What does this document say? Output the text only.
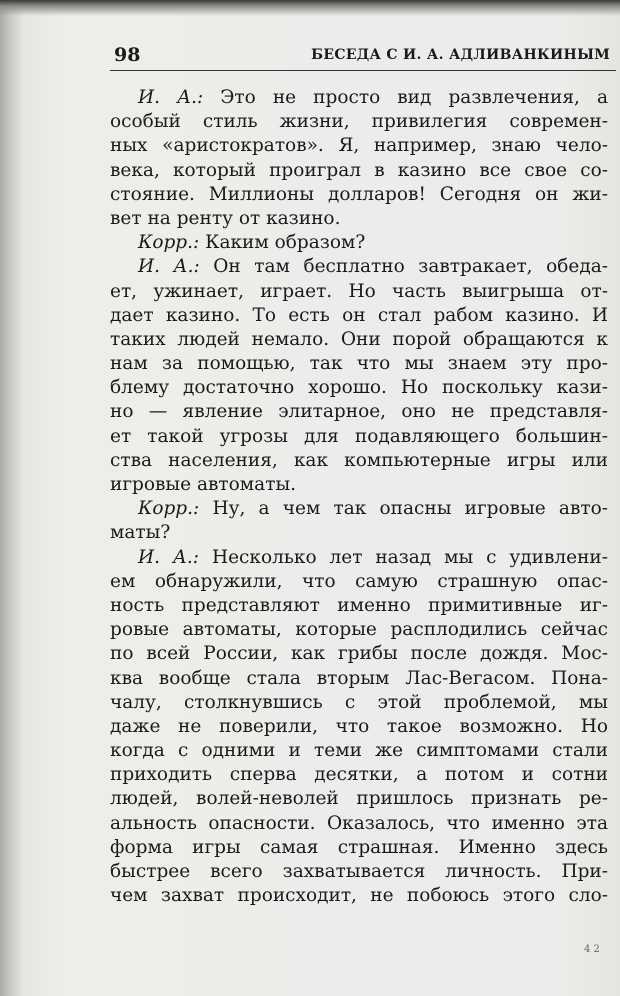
98	БЕСЕДА С И. А. АДЛИВАНКИНЫМ
И. А.: Это не просто вид развлечения, а
особый стиль жизни, привилегия современ-
ных «аристократов». Я, например, знаю чело-
века, который проиграл в казино все свое со-
стояние. Миллионы долларов! Сегодня он жи-
вет на ренту от казино.
Корр.: Каким образом?
И. А.: Он там бесплатно завтракает, обеда-
ет, ужинает, играет. Но часть выигрыша от-
дает казино. То есть он стал рабом казино. И
таких людей немало. Они порой обращаются к
нам за помощью, так что мы знаем эту про-
блему достаточно хорошо. Но поскольку кази-
но — явление элитарное, оно не представля-
ет такой угрозы для подавляющего большин-
ства населения, как компьютерные игры или
игровые автоматы.
Корр.: Ну, а чем так опасны игровые авто-
маты?
И. А.: Несколько лет назад мы с удивлени-
ем обнаружили, что самую страшную опас-
ность представляют именно примитивные иг-
ровые автоматы, которые расплодились сейчас
по всей России, как грибы после дождя. Мос-
ква вообще стала вторым Лас-Вегасом. Пона-
чалу, столкнувшись с этой проблемой, мы
даже не поверили, что такое возможно. Но
когда с одними и теми же симптомами стали
приходить сперва десятки, а потом и сотни
людей, волей-неволей пришлось признать ре-
альность опасности. Оказалось, что именно эта
форма игры самая страшная. Именно здесь
быстрее всего захватывается личность. При-
чем захват происходит, не побоюсь этого сло-
4 2
